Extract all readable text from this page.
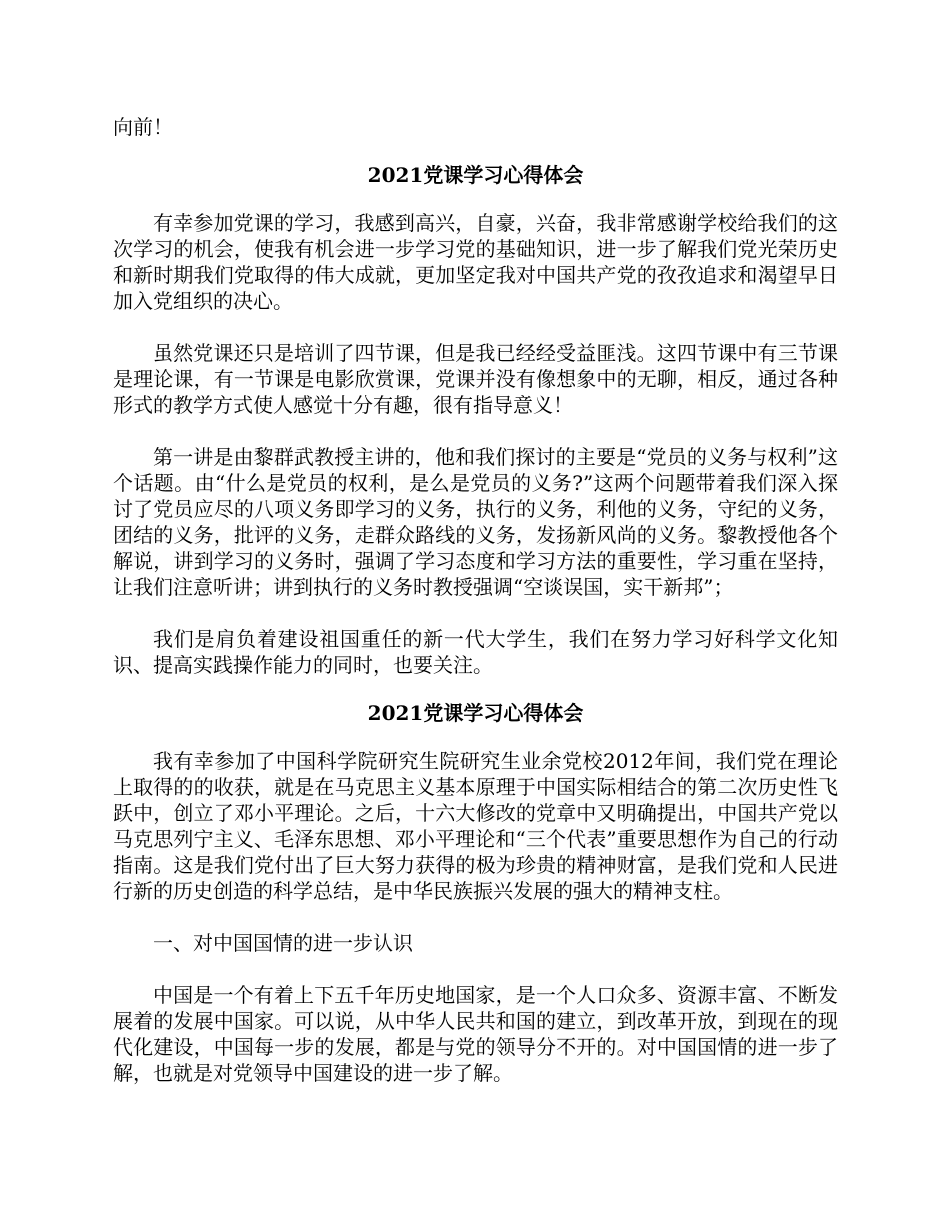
向前！

2021党课学习心得体会

有幸参加党课的学习，我感到高兴，自豪，兴奋，我非常感谢学校给我们的这次学习的机会，使我有机会进一步学习党的基础知识，进一步了解我们党光荣历史和新时期我们党取得的伟大成就，更加坚定我对中国共产党的孜孜追求和渴望早日加入党组织的决心。

虽然党课还只是培训了四节课，但是我已经经受益匪浅。这四节课中有三节课是理论课，有一节课是电影欣赏课，党课并没有像想象中的无聊，相反，通过各种形式的教学方式使人感觉十分有趣，很有指导意义！

第一讲是由黎群武教授主讲的，他和我们探讨的主要是“党员的义务与权利”这个话题。由“什么是党员的权利，是么是党员的义务?”这两个问题带着我们深入探讨了党员应尽的八项义务即学习的义务，执行的义务，利他的义务，守纪的义务，团结的义务，批评的义务，走群众路线的义务，发扬新风尚的义务。黎教授他各个解说，讲到学习的义务时，强调了学习态度和学习方法的重要性，学习重在坚持，让我们注意听讲；讲到执行的义务时教授强调“空谈误国，实干新邦”；

我们是肩负着建设祖国重任的新一代大学生，我们在努力学习好科学文化知识、提高实践操作能力的同时，也要关注。

2021党课学习心得体会

我有幸参加了中国科学院研究生院研究生业余党校2012年间，我们党在理论上取得的的收获，就是在马克思主义基本原理于中国实际相结合的第二次历史性飞跃中，创立了邓小平理论。之后，十六大修改的党章中又明确提出，中国共产党以马克思列宁主义、毛泽东思想、邓小平理论和“三个代表”重要思想作为自己的行动指南。这是我们党付出了巨大努力获得的极为珍贵的精神财富，是我们党和人民进行新的历史创造的科学总结，是中华民族振兴发展的强大的精神支柱。

一、对中国国情的进一步认识

中国是一个有着上下五千年历史地国家，是一个人口众多、资源丰富、不断发展着的发展中国家。可以说，从中华人民共和国的建立，到改革开放，到现在的现代化建设，中国每一步的发展，都是与党的领导分不开的。对中国国情的进一步了解，也就是对党领导中国建设的进一步了解。
